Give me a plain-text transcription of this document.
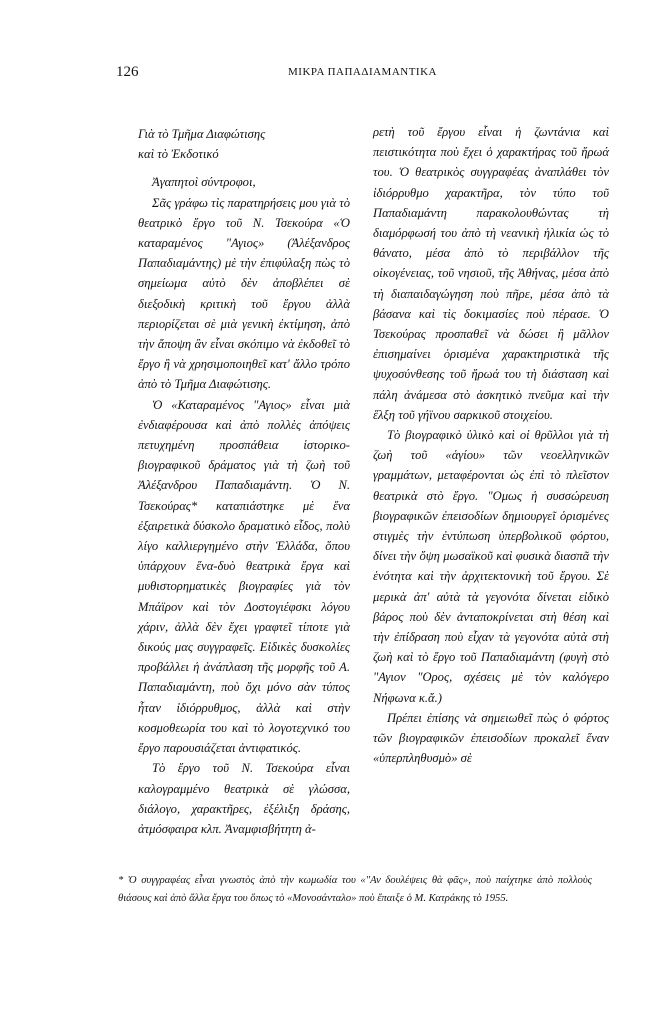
126	ΜΙΚΡΑ ΠΑΠΑΔΙΑΜΑΝΤΙΚΑ

Γιὰ τὸ Τμῆμα Διαφώτισης
καὶ τὸ Ἐκδοτικό

Ἀγαπητοὶ σύντροφοι,

Σᾶς γράφω τὶς παρατηρήσεις μου γιὰ τὸ θεατρικὸ ἔργο τοῦ Ν. Τσεκούρα «Ὁ καταραμένος "Αγιος» (Ἀλέξανδρος Παπαδιαμάντης) μὲ τὴν ἐπιφύλαξη πὼς τὸ σημείωμα αὐτὸ δὲν ἀποβλέπει σὲ διεξοδικὴ κριτικὴ τοῦ ἔργου ἀλλὰ περιορίζεται σὲ μιὰ γενικὴ ἐκτίμηση, ἀπὸ τὴν ἄποψη ἂν εἶναι σκόπιμο νὰ ἐκδοθεῖ τὸ ἔργο ἢ νὰ χρησιμοποιηθεῖ κατ' ἄλλο τρόπο ἀπὸ τὸ Τμῆμα Διαφώτισης.

Ὁ «Καταραμένος "Αγιος» εἶναι μιὰ ἐνδιαφέρουσα καὶ ἀπὸ πολλὲς ἀπόψεις πετυχημένη προσπάθεια ἱστορικο-βιογραφικοῦ δράματος γιὰ τὴ ζωὴ τοῦ Ἀλέξανδρου Παπαδιαμάντη. Ὁ Ν. Τσεκούρας* καταπιάστηκε μὲ ἕνα ἐξαιρετικὰ δύσκολο δραματικὸ εἶδος, πολὺ λίγο καλλιεργημένο στὴν Ἑλλάδα, ὅπου ὑπάρχουν ἕνα-δυὸ θεατρικὰ ἔργα καὶ μυθιστορηματικὲς βιογραφίες γιὰ τὸν Μπάϊρον καὶ τὸν Δοστογιέφσκι λόγου χάριν, ἀλλὰ δὲν ἔχει γραφτεῖ τίποτε γιὰ δικούς μας συγγραφεῖς. Εἰδικὲς δυσκολίες προβάλλει ἡ ἀνάπλαση τῆς μορφῆς τοῦ Α. Παπαδιαμάντη, ποὺ ὄχι μόνο σὰν τύπος ἦταν ἰδιόρρυθμος, ἀλλὰ καὶ στὴν κοσμοθεωρία του καὶ τὸ λογοτεχνικό του ἔργο παρουσιάζεται ἀντιφατικός.

Τὸ ἔργο τοῦ Ν. Τσεκούρα εἶναι καλογραμμένο θεατρικὰ σὲ γλώσσα, διάλογο, χαρακτῆρες, ἐξέλιξη δράσης, ἀτμόσφαιρα κλπ. Ἀναμφισβήτητη ἀ-

ρετὴ τοῦ ἔργου εἶναι ἡ ζωντάνια καὶ πειστικότητα ποὺ ἔχει ὁ χαρακτήρας τοῦ ἥρωά του. Ὁ θεατρικὸς συγγραφέας ἀναπλάθει τὸν ἰδιόρρυθμο χαρακτῆρα, τὸν τύπο τοῦ Παπαδιαμάντη παρακολουθώντας τὴ διαμόρφωσή του ἀπὸ τὴ νεανικὴ ἡλικία ὡς τὸ θάνατο, μέσα ἀπὸ τὸ περιβάλλον τῆς οἰκογένειας, τοῦ νησιοῦ, τῆς Ἀθήνας, μέσα ἀπὸ τὴ διαπαιδαγώγηση ποὺ πῆρε, μέσα ἀπὸ τὰ βάσανα καὶ τὶς δοκιμασίες ποὺ πέρασε. Ὁ Τσεκούρας προσπαθεῖ νὰ δώσει ἢ μᾶλλον ἐπισημαίνει ὁρισμένα χαρακτηριστικὰ τῆς ψυχοσύνθεσης τοῦ ἥρωά του τὴ διάσταση καὶ πάλη ἀνάμεσα στὸ ἀσκητικὸ πνεῦμα καὶ τὴν ἕλξη τοῦ γήϊνου σαρκικοῦ στοιχείου.

Τὸ βιογραφικὸ ὑλικὸ καὶ οἱ θρῦλλοι γιὰ τὴ ζωὴ τοῦ «ἁγίου» τῶν νεοελληνικῶν γραμμάτων, μεταφέρονται ὡς ἐπὶ τὸ πλεῖστον θεατρικὰ στὸ ἔργο. "Ομως ἡ συσσώρευση βιογραφικῶν ἐπεισοδίων δημιουργεῖ ὁρισμένες στιγμὲς τὴν ἐντύπωση ὑπερβολικοῦ φόρτου, δίνει τὴν ὄψη μωσαϊκοῦ καὶ φυσικὰ διασπᾶ τὴν ἑνότητα καὶ τὴν ἀρχιτεκτονικὴ τοῦ ἔργου. Σὲ μερικὰ ἀπ' αὐτὰ τὰ γεγονότα δίνεται εἰδικὸ βάρος ποὺ δὲν ἀνταποκρίνεται στὴ θέση καὶ τὴν ἐπίδραση ποὺ εἶχαν τὰ γεγονότα αὐτὰ στὴ ζωὴ καὶ τὸ ἔργο τοῦ Παπαδιαμάντη (φυγὴ στὸ "Αγιον "Ορος, σχέσεις μὲ τὸν καλόγερο Νήφωνα κ.ἄ.)

Πρέπει ἐπίσης νὰ σημειωθεῖ πὼς ὁ φόρτος τῶν βιογραφικῶν ἐπεισοδίων προκαλεῖ ἕναν «ὑπερπληθυσμὸ» σὲ

* Ὁ συγγραφέας εἶναι γνωστὸς ἀπὸ τὴν κωμωδία του «"Αν δουλέψεις θὰ φᾶς», ποὺ παίχτηκε ἀπὸ πολλοὺς θιάσους καὶ ἀπὸ ἄλλα ἔργα του ὅπως τὸ «Μονοσάνταλο» ποὺ ἔπαιξε ὁ Μ. Κατράκης τὸ 1955.
